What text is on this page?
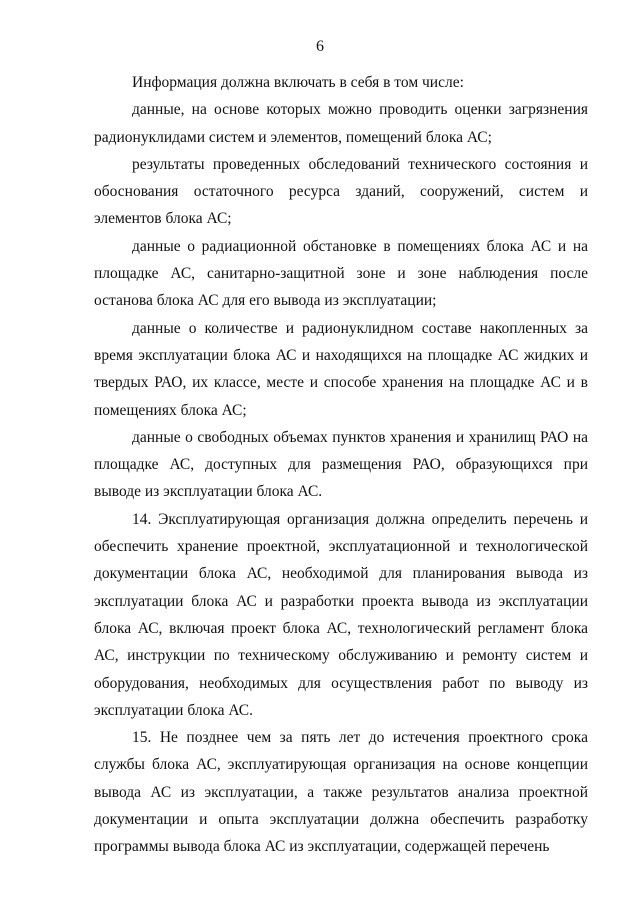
6

Информация должна включать в себя в том числе:

данные, на основе которых можно проводить оценки загрязнения радионуклидами систем и элементов, помещений блока АС;

результаты проведенных обследований технического состояния и обоснования остаточного ресурса зданий, сооружений, систем и элементов блока АС;

данные о радиационной обстановке в помещениях блока АС и на площадке АС, санитарно-защитной зоне и зоне наблюдения после останова блока АС для его вывода из эксплуатации;

данные о количестве и радионуклидном составе накопленных за время эксплуатации блока АС и находящихся на площадке АС жидких и твердых РАО, их классе, месте и способе хранения на площадке АС и в помещениях блока АС;

данные о свободных объемах пунктов хранения и хранилищ РАО на площадке АС, доступных для размещения РАО, образующихся при выводе из эксплуатации блока АС.

14. Эксплуатирующая организация должна определить перечень и обеспечить хранение проектной, эксплуатационной и технологической документации блока АС, необходимой для планирования вывода из эксплуатации блока АС и разработки проекта вывода из эксплуатации блока АС, включая проект блока АС, технологический регламент блока АС, инструкции по техническому обслуживанию и ремонту систем и оборудования, необходимых для осуществления работ по выводу из эксплуатации блока АС.

15. Не позднее чем за пять лет до истечения проектного срока службы блока АС, эксплуатирующая организация на основе концепции вывода АС из эксплуатации, а также результатов анализа проектной документации и опыта эксплуатации должна обеспечить разработку программы вывода блока АС из эксплуатации, содержащей перечень
